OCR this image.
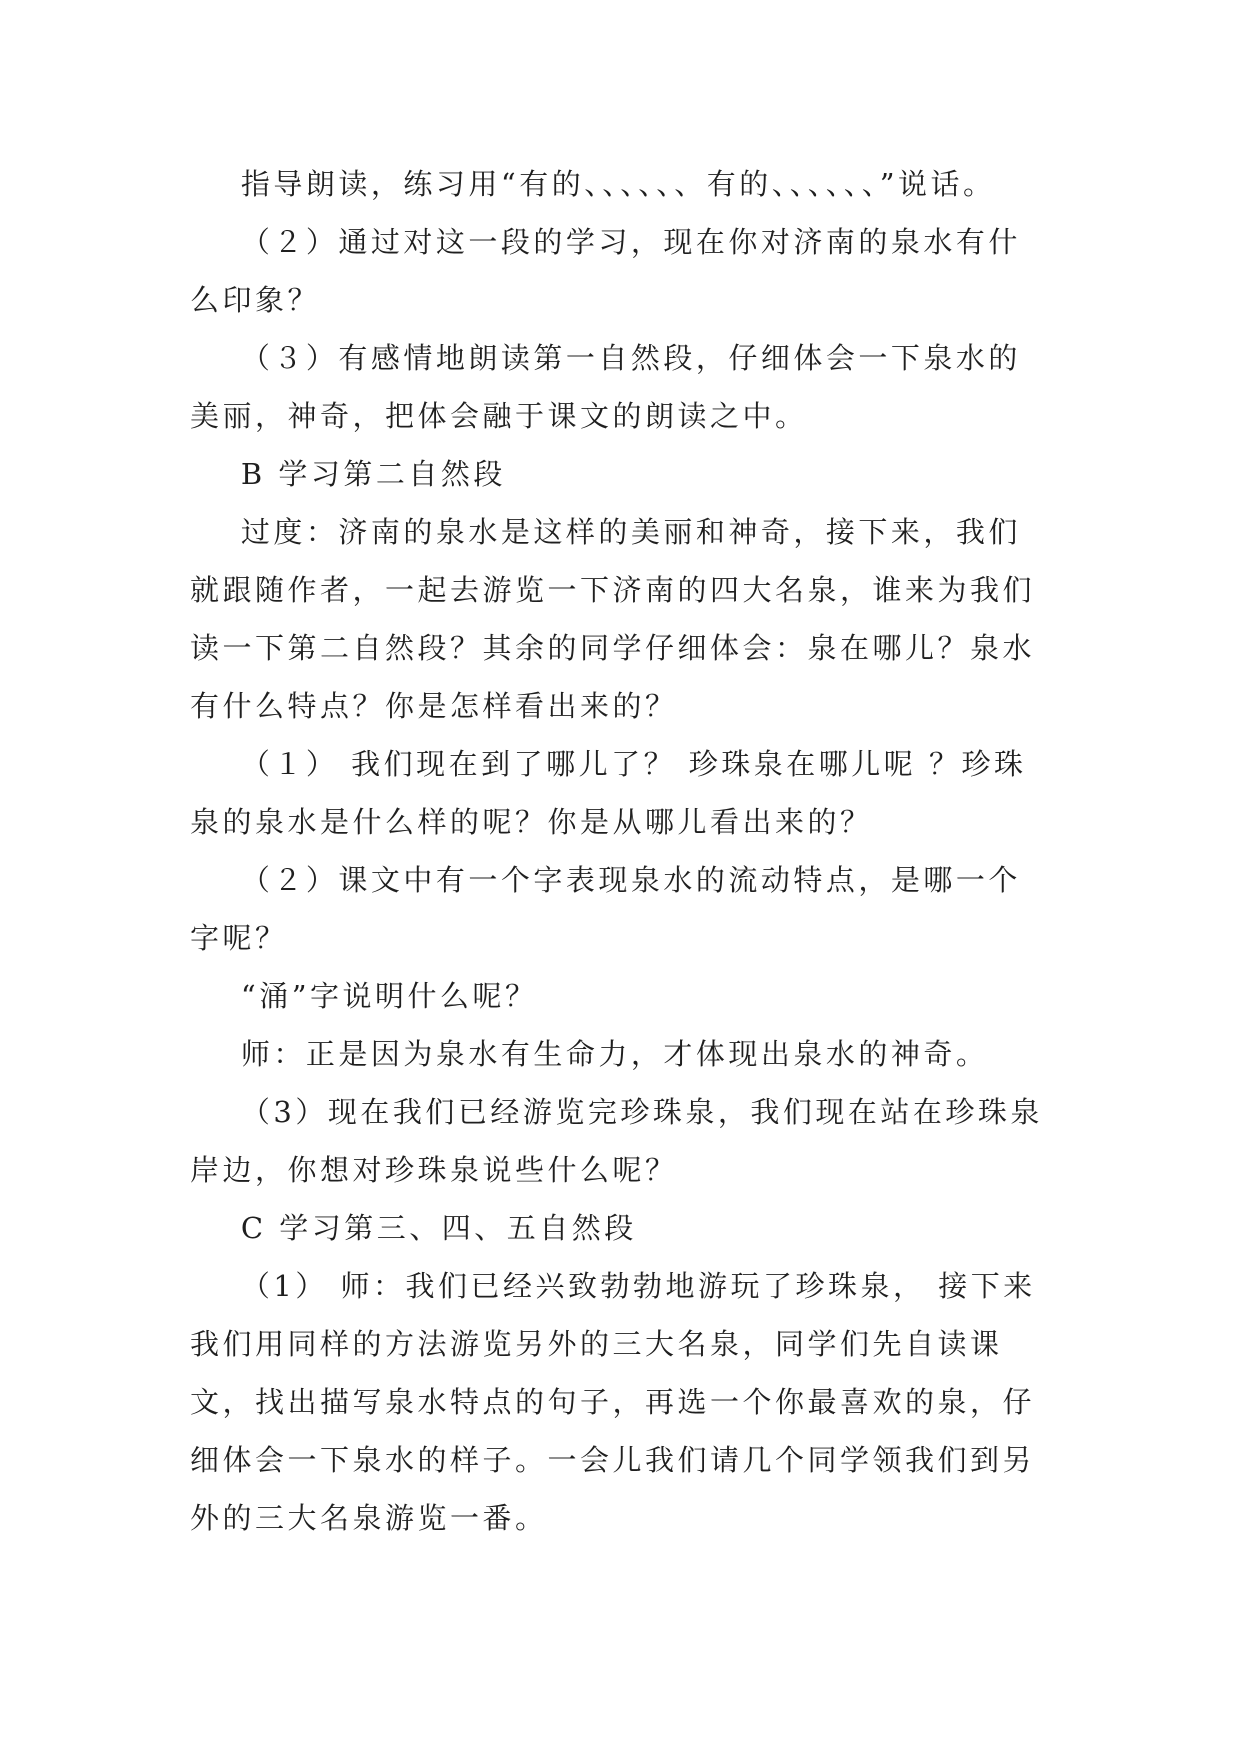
指导朗读，练习用“有的、、、、、、有的、、、、、、”说话。

（２）通过对这一段的学习，现在你对济南的泉水有什么印象？

（３）有感情地朗读第一自然段，仔细体会一下泉水的美丽，神奇，把体会融于课文的朗读之中。

B 学习第二自然段

过度：济南的泉水是这样的美丽和神奇，接下来，我们就跟随作者，一起去游览一下济南的四大名泉，谁来为我们读一下第二自然段？其余的同学仔细体会：泉在哪儿？泉水有什么特点？你是怎样看出来的？

（１） 我们现在到了哪儿了？ 珍珠泉在哪儿呢 ？珍珠泉的泉水是什么样的呢？你是从哪儿看出来的？

（２）课文中有一个字表现泉水的流动特点，是哪一个字呢？

“涌”字说明什么呢？

师：正是因为泉水有生命力，才体现出泉水的神奇。

（3）现在我们已经游览完珍珠泉，我们现在站在珍珠泉岸边，你想对珍珠泉说些什么呢？

C 学习第三、四、五自然段

（1） 师：我们已经兴致勃勃地游玩了珍珠泉， 接下来我们用同样的方法游览另外的三大名泉，同学们先自读课文，找出描写泉水特点的句子，再选一个你最喜欢的泉，仔细体会一下泉水的样子。一会儿我们请几个同学领我们到另外的三大名泉游览一番。
